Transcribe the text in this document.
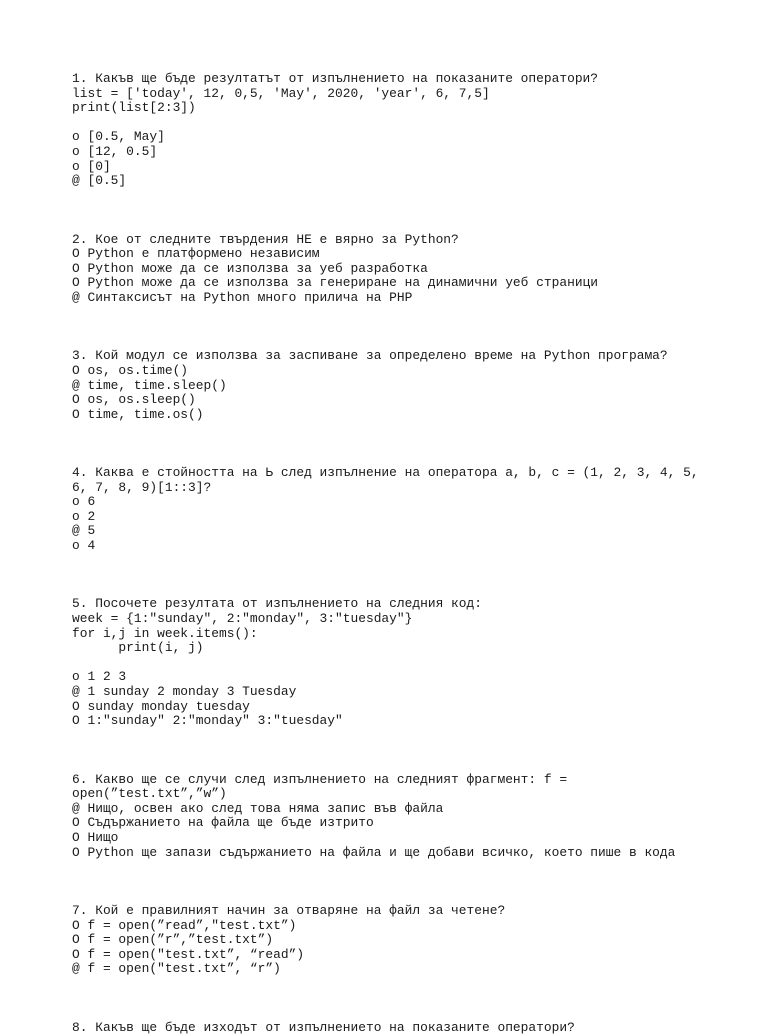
1. Какъв ще бъде резултатът от изпълнението на показаните оператори?
list = ['today', 12, 0,5, 'May', 2020, 'year', 6, 7,5]
print(list[2:3])
o [0.5, May]
o [12, 0.5]
o [0]
@ [0.5]
2. Кое от следните твърдения НЕ е вярно за Python?
O Python е платформено независим
O Python може да се използва за уеб разработка
O Python може да се използва за генериране на динамични уеб страници
@ Синтаксисът на Python много прилича на PHP
3. Кой модул се използва за заспиване за определено време на Python програма?
O os, os.time()
@ time, time.sleep()
O os, os.sleep()
O time, time.os()
4. Каква е стойността на Ь след изпълнение на оператора a, b, c = (1, 2, 3, 4, 5,
6, 7, 8, 9)[1::3]?
o 6
o 2
@ 5
o 4
5. Посочете резултата от изпълнението на следния код:
week = {1:"sunday", 2:"monday", 3:"tuesday"}
for i,j in week.items():
print(i, j)
o 1 2 3
@ 1 sunday 2 monday 3 Tuesday
O sunday monday tuesday
O 1:"sunday" 2:"monday" 3:"tuesday"
6. Какво ще се случи след изпълнението на следният фрагмент: f =
open(”test.txt”,”w”)
@ Нищо, освен ако след това няма запис във файла
O Съдържанието на файла ще бъде изтрито
O Нищо
O Python ще запази съдържанието на файла и ще добави всичко, което пише в кода
7. Кой е правилният начин за отваряне на файл за четене?
O f = open(”read”,"test.txt”)
O f = open(”r”,”test.txt”)
O f = open("test.txt”, “read”)
@ f = open("test.txt”, “r”)
8. Какъв ще бъде изходът от изпълнението на показаните оператори?
